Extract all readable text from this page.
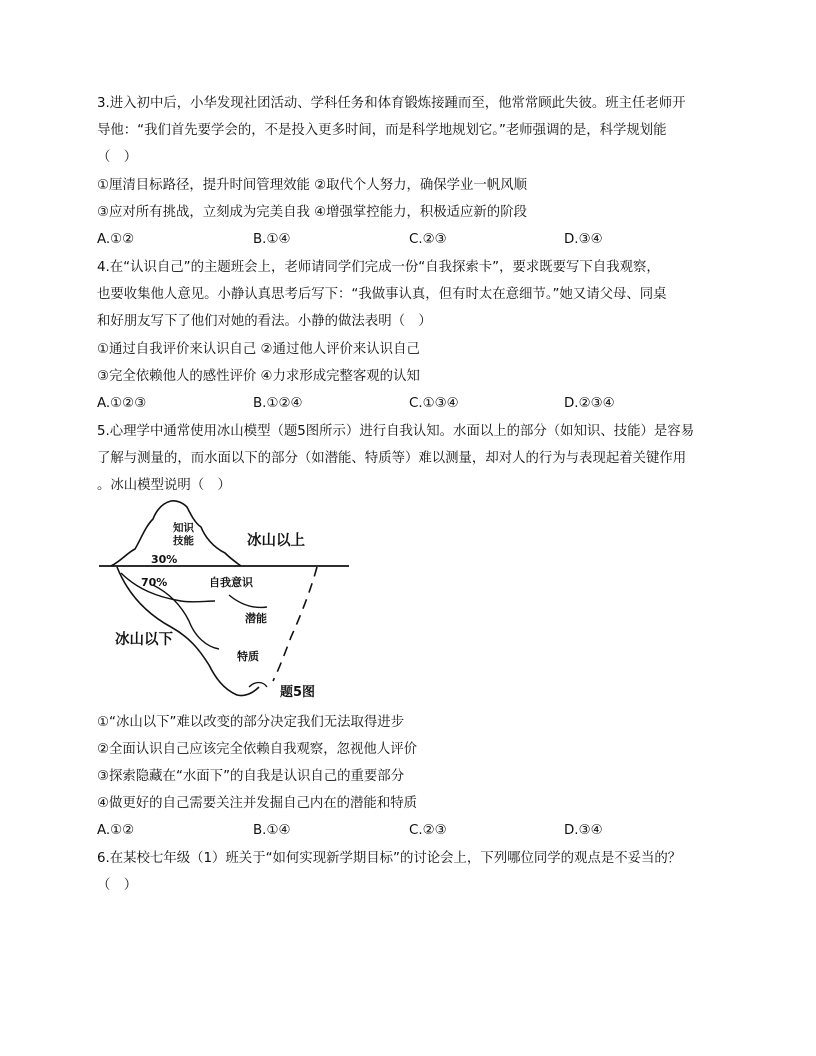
3.进入初中后，小华发现社团活动、学科任务和体育锻炼接踵而至，他常常顾此失彼。班主任老师开
导他：“我们首先要学会的，不是投入更多时间，而是科学地规划它。”老师强调的是，科学规划能
（　）
①厘清目标路径，提升时间管理效能 ②取代个人努力，确保学业一帆风顺
③应对所有挑战，立刻成为完美自我 ④增强掌控能力，积极适应新的阶段
A.①②	B.①④	C.②③	D.③④
4.在“认识自己”的主题班会上，老师请同学们完成一份“自我探索卡”，要求既要写下自我观察，
也要收集他人意见。小静认真思考后写下：“我做事认真，但有时太在意细节。”她又请父母、同桌
和好朋友写下了他们对她的看法。小静的做法表明（　）
①通过自我评价来认识自己 ②通过他人评价来认识自己
③完全依赖他人的感性评价 ④力求形成完整客观的认知
A.①②③	B.①②④	C.①③④	D.②③④
5.心理学中通常使用冰山模型（题5图所示）进行自我认知。水面以上的部分（如知识、技能）是容易
了解与测量的，而水面以下的部分（如潜能、特质等）难以测量，却对人的行为与表现起着关键作用
。冰山模型说明（　）
知识
技能	冰山以上
30%
70%	自我意识
潜能
冰山以下
特质
题5图
①“冰山以下”难以改变的部分决定我们无法取得进步
②全面认识自己应该完全依赖自我观察，忽视他人评价
③探索隐藏在“水面下”的自我是认识自己的重要部分
④做更好的自己需要关注并发掘自己内在的潜能和特质
A.①②	B.①④	C.②③	D.③④
6.在某校七年级（1）班关于“如何实现新学期目标”的讨论会上，下列哪位同学的观点是不妥当的？
（　）
